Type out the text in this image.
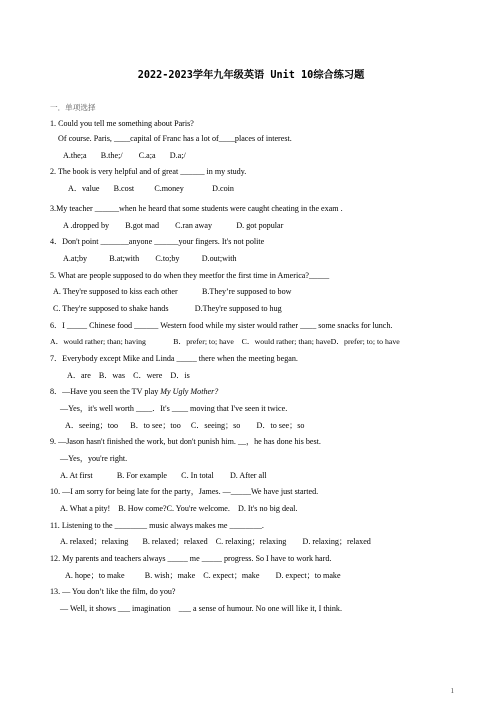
2022-2023学年九年级英语 Unit 10综合练习题
一．单项选择
1. Could you tell me something about Paris?
Of course. Paris, ____capital of Franc has a lot of____places of interest.
A.the;a       B.the;/        C.a;a       D.a;/
2. The book is very helpful and of great ______ in my study.
A．value       B.cost          C.money              D.coin
3.My teacher ______when he heard that some students were caught cheating in the exam .
A .dropped by        B.got mad        C.ran away            D. got popular
4．Don't point _______anyone ______your fingers. It's not polite
A.at;by           B.at;with        C.to;by           D.out;with
5. What are people supposed to do when they meetfor the first time in America?_____
A. They're supposed to kiss each other            B.They’re supposed to bow
C. They're supposed to shake hands             D.They're supposed to hug
6．I _____ Chinese food ______ Western food while my sister would rather ____ some snacks for lunch.
A．would rather; than; having              B．prefer; to; have    C．would rather; than; haveD．prefer; to; to have
7．Everybody except Mike and Linda _____ there when the meeting began.
A．are    B．was    C．were    D．is
8．—Have you seen the TV play My Ugly Mother?
—Yes，it's well worth ____．It's ____ moving that I've seen it twice.
A．seeing；too      B．to see；too     C．seeing；so        D．to see；so
9. —Jason hasn't finished the work, but don't punish him. __，he has done his best.
—Yes，you're right.
A. At first            B. For example       C. In total        D. After all
10. —I am sorry for being late for the party，James. —_____We have just started.
A. What a pity!    B. How come?C. You're welcome.    D. It's no big deal.
11. Listening to the ________ music always makes me ________.
A. relaxed；relaxing       B. relaxed；relaxed    C. relaxing；relaxing        D. relaxing；relaxed
12. My parents and teachers always _____ me _____ progress. So I have to work hard.
A. hope；to make          B. wish；make    C. expect；make        D. expect；to make
13. — You don’t like the film, do you?
— Well, it shows ___ imagination    ___ a sense of humour. No one will like it, I think.
1
